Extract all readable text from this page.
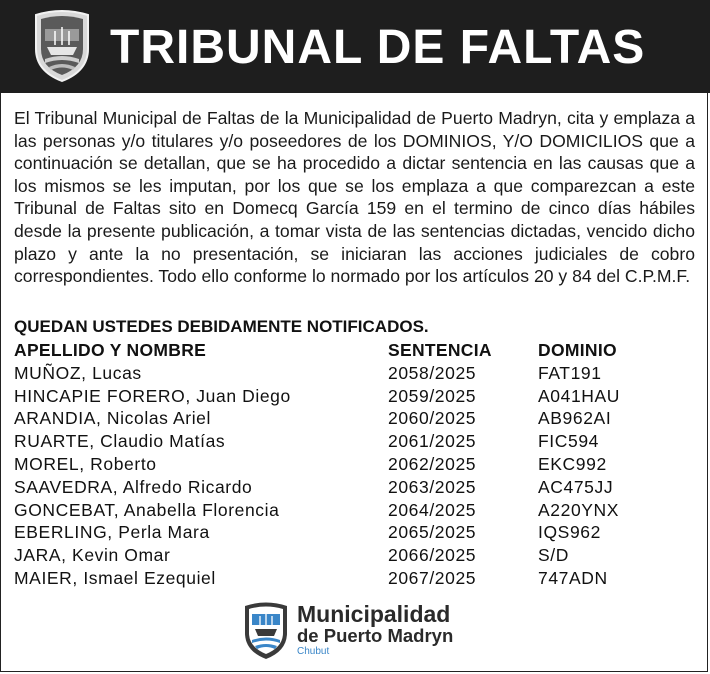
TRIBUNAL DE FALTAS
El Tribunal Municipal de Faltas de la Municipalidad de Puerto Madryn, cita y emplaza a las personas y/o titulares y/o poseedores de los DOMINIOS, Y/O DOMICILIOS que a continuación se detallan, que se ha procedido a dictar sentencia en las causas que a los mismos se les imputan, por los que se los emplaza a que comparezcan a este Tribunal de Faltas sito en Domecq García 159 en el termino de cinco días hábiles desde la presente publicación, a tomar vista de las sentencias dictadas, vencido dicho plazo y ante la no presentación, se iniciaran las acciones judiciales de cobro correspondientes. Todo ello conforme lo normado por los artículos 20 y 84 del C.P.M.F.
QUEDAN USTEDES DEBIDAMENTE NOTIFICADOS.
APELLIDO Y NOMBRE	SENTENCIA	DOMINIO
MUÑOZ, Lucas	2058/2025	FAT191
HINCAPIE FORERO, Juan Diego	2059/2025	A041HAU
ARANDIA, Nicolas Ariel	2060/2025	AB962AI
RUARTE, Claudio Matías	2061/2025	FIC594
MOREL, Roberto	2062/2025	EKC992
SAAVEDRA, Alfredo Ricardo	2063/2025	AC475JJ
GONCEBAT, Anabella Florencia	2064/2025	A220YNX
EBERLING, Perla Mara	2065/2025	IQS962
JARA, Kevin Omar	2066/2025	S/D
MAIER, Ismael Ezequiel	2067/2025	747ADN
Municipalidad
de Puerto Madryn
Chubut
